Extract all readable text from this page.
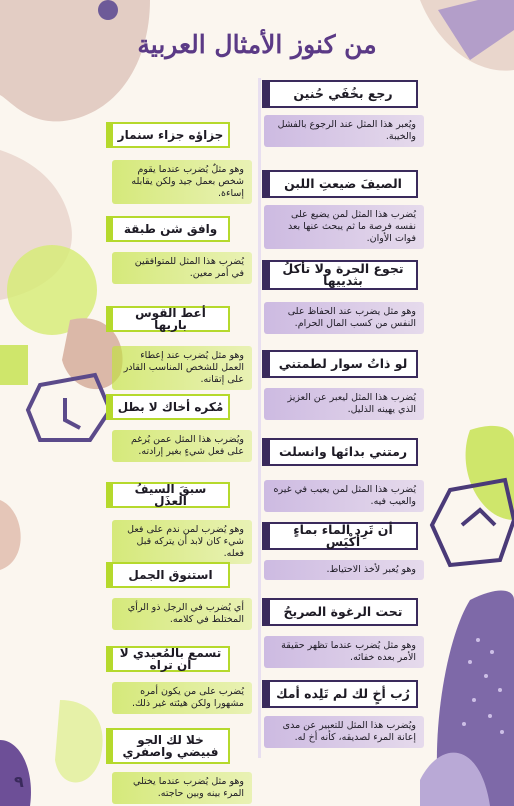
من كنوز الأمثال العربية
رجع بخُفَي حُنين
ويُعبر هذا المثل عند الرجوع بالفشل والخيبة.
الصيفَ ضيعتِ اللبن
يُضرب هذا المثل لمن يضيع على نفسه فرصة ما ثم يبحث عنها بعد فوات الأوان.
تجوع الحرة ولا تأكلُ بثدييها
وهو مثل يضرب عند الحفاظ على النفس من كسب المال الحرام.
لو ذاتُ سوار لطمتني
يُضرب هذا المثل ليعبر عن العزيز الذي يهينه الذليل.
رمتني بدائها وانسلت
يُضرب هذا المثل لمن يعيب في غيره والعيب فيه.
أن تَرِد الماء بماءٍ أكْيَس
وهو يُعبر لأخذ الاحتياط.
تحت الرغوة الصريحُ
وهو مثل يُضرب عندما تظهر حقيقة الأمر بعده خفائه.
رُب أخٍ لك لم تَلِده أمك
ويُضرب هذا المثل للتعبير عن مدى إعانة المرء لصديقه، كأنه أخ له.
جزاؤه جزاء سنمار
وهو مثلٌ يُضرب عندما يقوم شخص بعمل جيد ولكن يقابله إساءة.
وافق شن طبقة
يُضرب هذا المثل للمتوافقين في أمر معين.
أعط القوس باريها
وهو مثل يُضرب عند إعطاء العمل للشخص المناسب القادر على إتقانه.
مُكره أخاك لا بطل
ويُضرب هذا المثل عمن يُرغم على فعل شيءٍ بغير إرادته.
سبقَ السيفُ العذَل
وهو يُضرب لمن ندم على فعل شيء كان لابد أن يتركه قبل فعله.
استنوق الجمل
أي يُضرب في الرجل ذو الرأي المختلط في كلامه.
تسمع بالمُعيدي لا أن تراه
يُضرب على من يكون أمره مشهورا ولكن هيئته غير ذلك.
خلا لك الجو فبيضي واصفري
وهو مثل يُضرب عندما يختلي المرء بينه وبين حاجته.
٩
